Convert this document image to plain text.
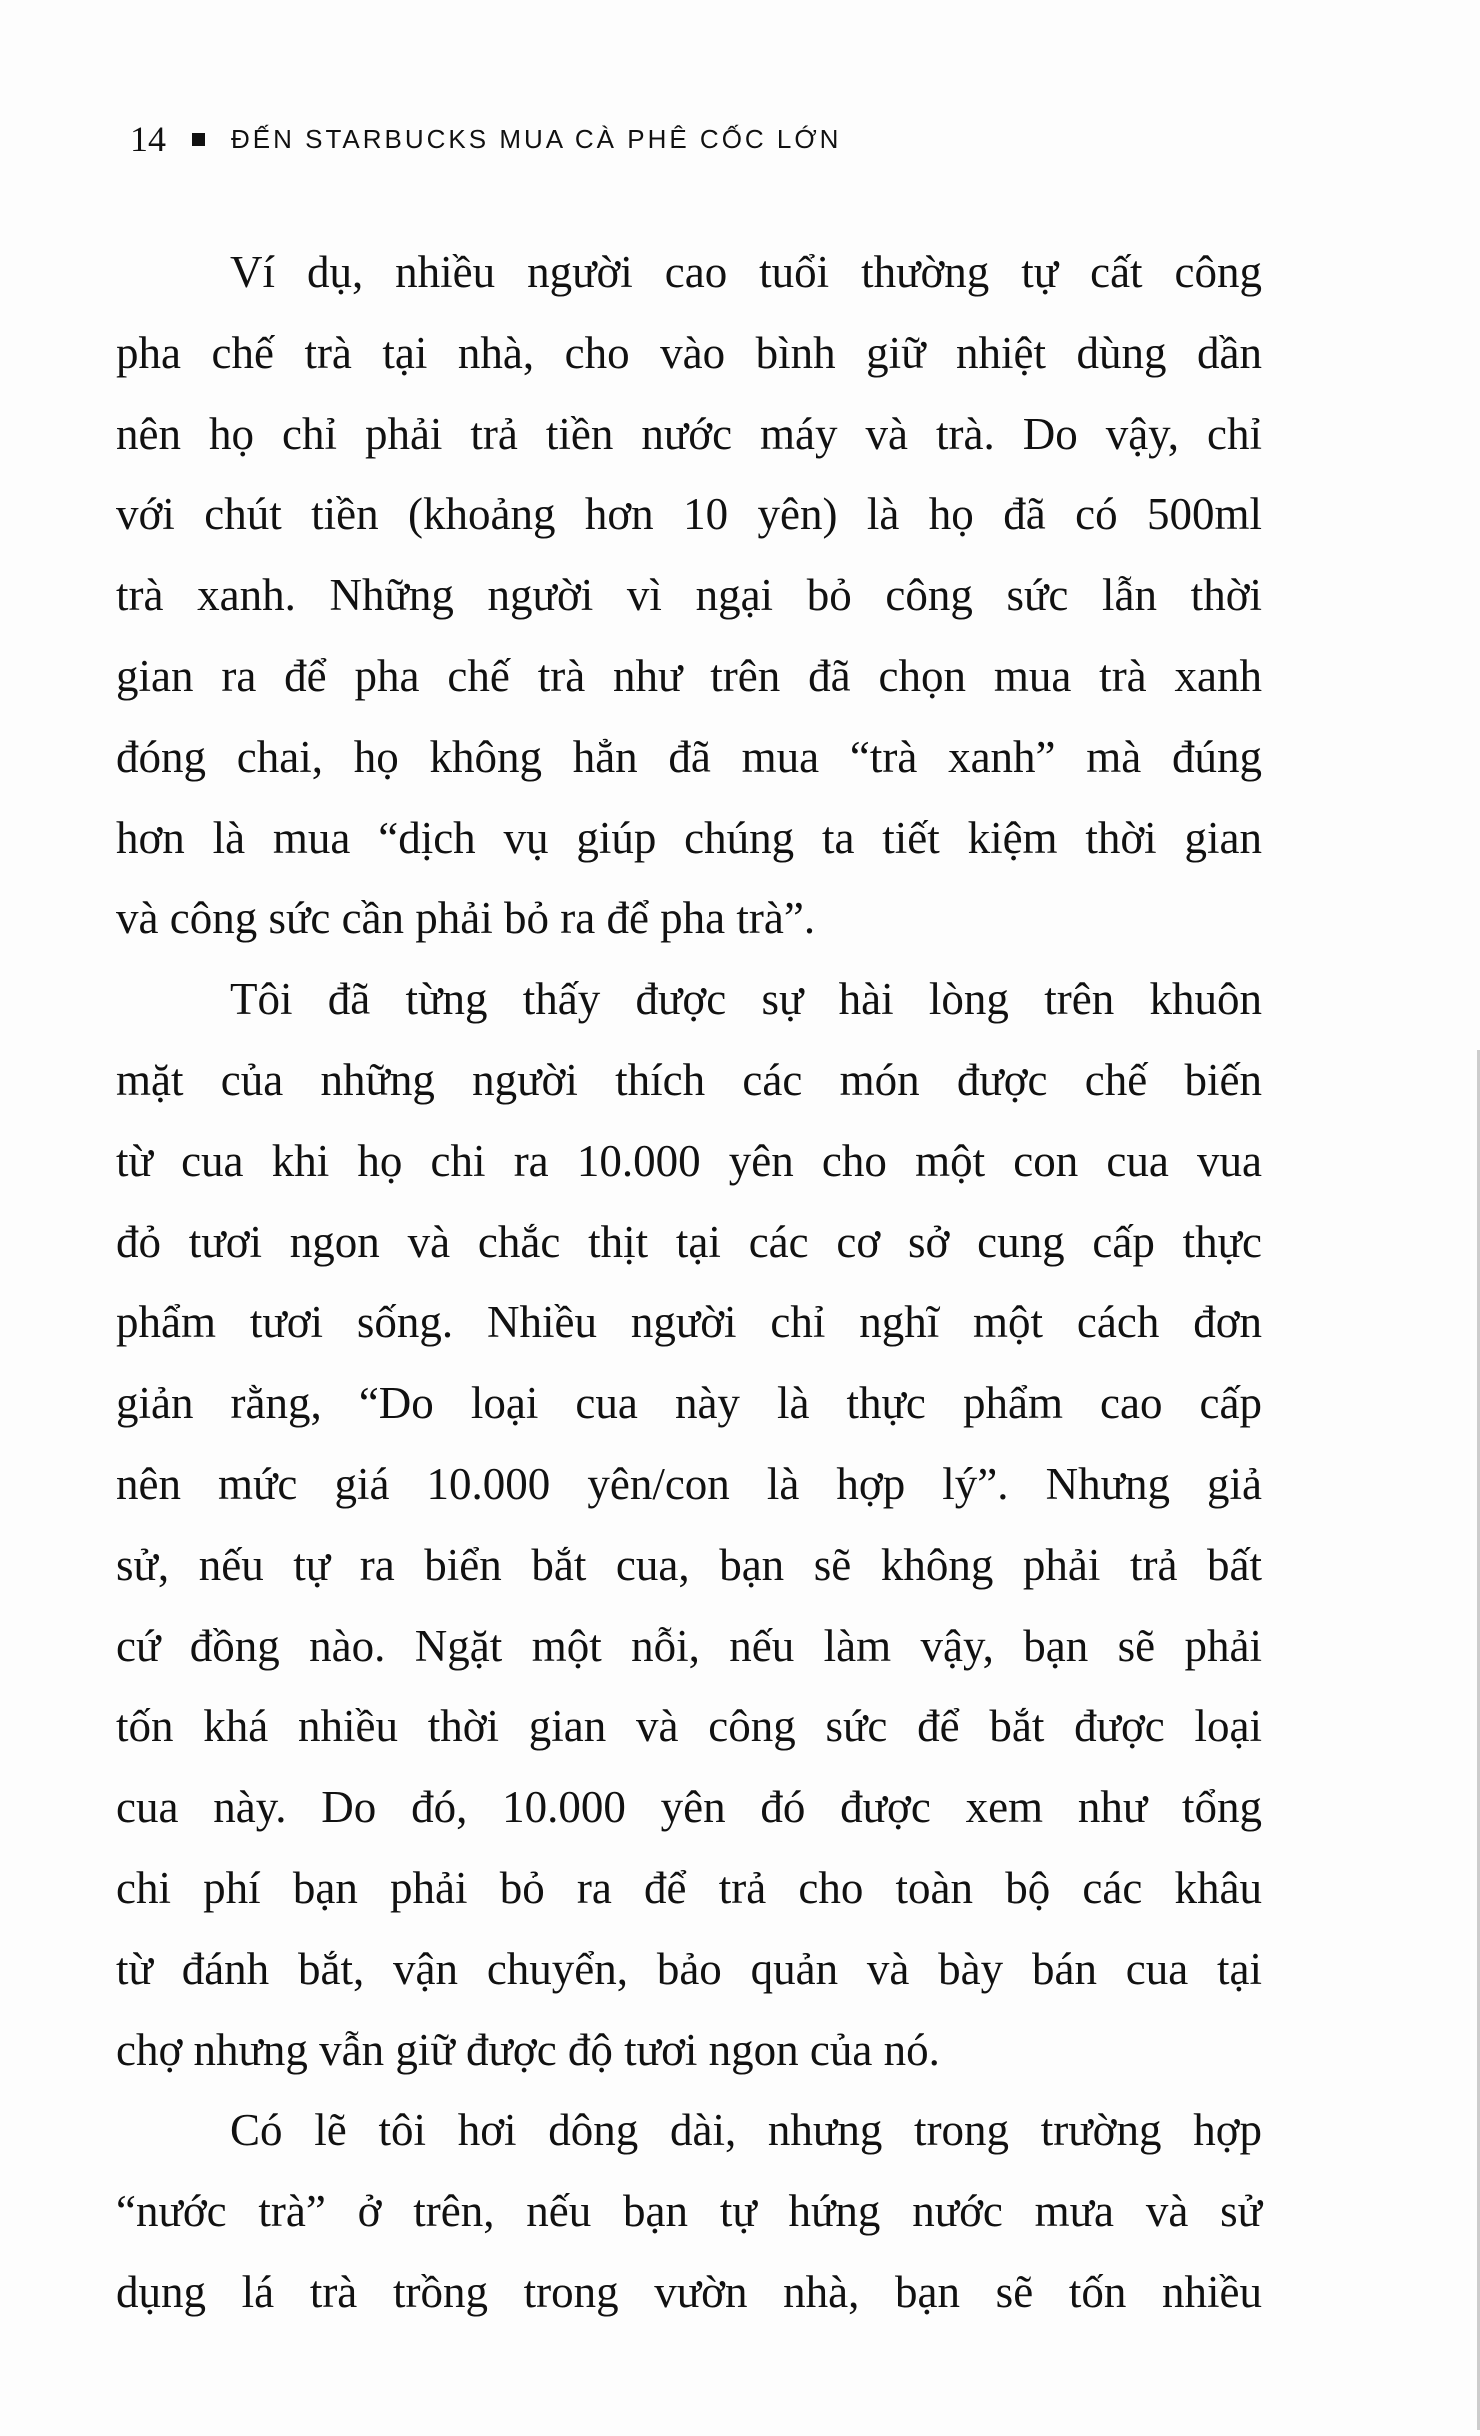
14	ĐẾN STARBUCKS MUA CÀ PHÊ CỐC LỚN
Ví dụ, nhiều người cao tuổi thường tự cất công
pha chế trà tại nhà, cho vào bình giữ nhiệt dùng dần
nên họ chỉ phải trả tiền nước máy và trà. Do vậy, chỉ
với chút tiền (khoảng hơn 10 yên) là họ đã có 500ml
trà xanh. Những người vì ngại bỏ công sức lẫn thời
gian ra để pha chế trà như trên đã chọn mua trà xanh
đóng chai, họ không hẳn đã mua “trà xanh” mà đúng
hơn là mua “dịch vụ giúp chúng ta tiết kiệm thời gian
và công sức cần phải bỏ ra để pha trà”.
Tôi đã từng thấy được sự hài lòng trên khuôn
mặt của những người thích các món được chế biến
từ cua khi họ chi ra 10.000 yên cho một con cua vua
đỏ tươi ngon và chắc thịt tại các cơ sở cung cấp thực
phẩm tươi sống. Nhiều người chỉ nghĩ một cách đơn
giản rằng, “Do loại cua này là thực phẩm cao cấp
nên mức giá 10.000 yên/con là hợp lý”. Nhưng giả
sử, nếu tự ra biển bắt cua, bạn sẽ không phải trả bất
cứ đồng nào. Ngặt một nỗi, nếu làm vậy, bạn sẽ phải
tốn khá nhiều thời gian và công sức để bắt được loại
cua này. Do đó, 10.000 yên đó được xem như tổng
chi phí bạn phải bỏ ra để trả cho toàn bộ các khâu
từ đánh bắt, vận chuyển, bảo quản và bày bán cua tại
chợ nhưng vẫn giữ được độ tươi ngon của nó.
Có lẽ tôi hơi dông dài, nhưng trong trường hợp
“nước trà” ở trên, nếu bạn tự hứng nước mưa và sử
dụng lá trà trồng trong vườn nhà, bạn sẽ tốn nhiều
